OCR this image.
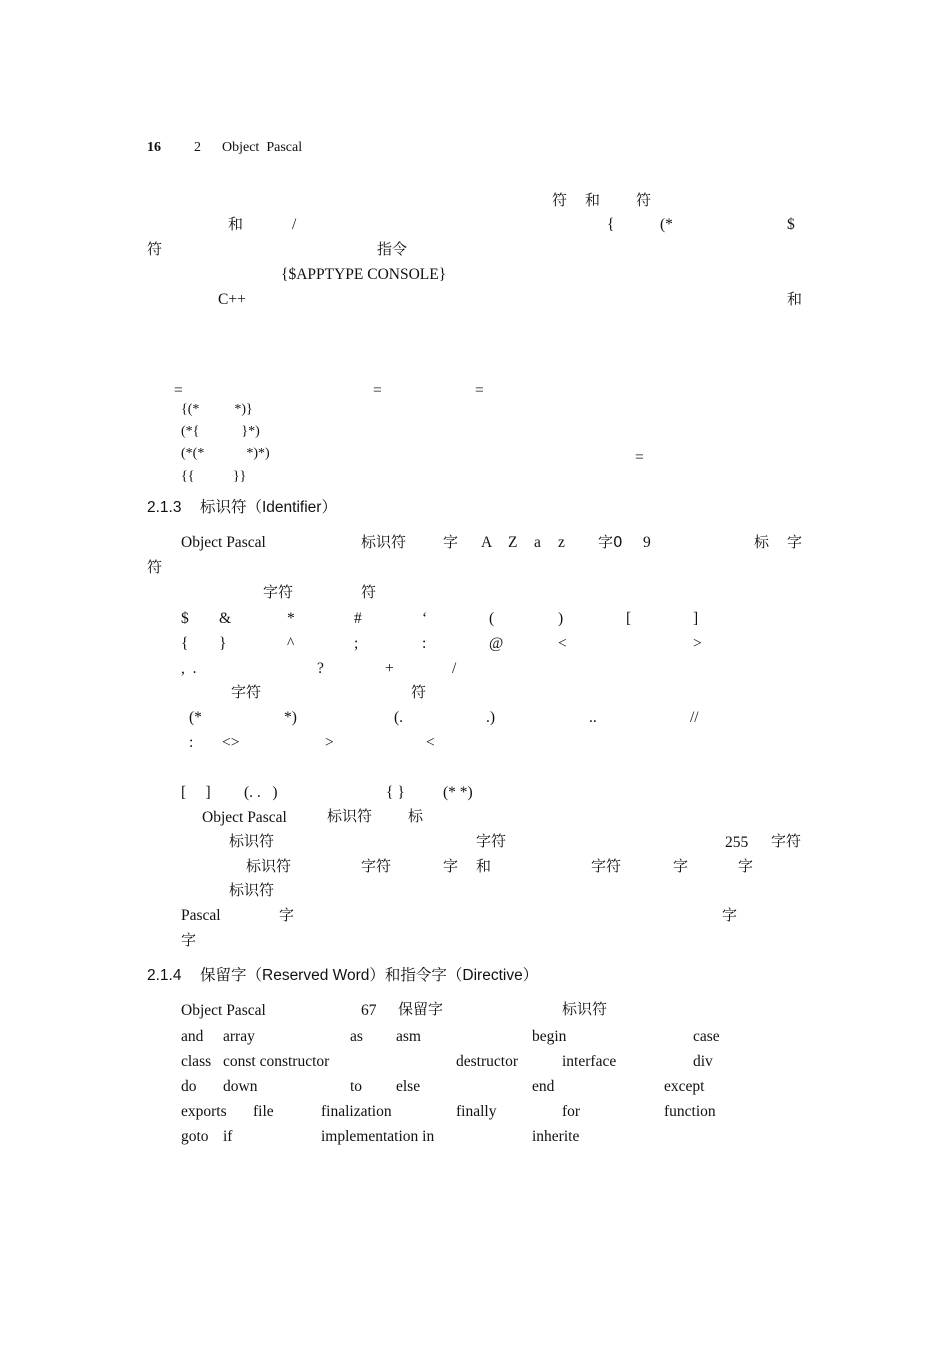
16 2 Object  Pascal
符 和 符
和	/	{	(*	$
符	指令
{$APPTYPE CONSOLE}
C++	和
=	=	=
{(*          *)}
(*{            }*)
(*(*            *)*)	=
{{           }}
2.1.3 标识符（Identifier）
Object Pascal	标识符 字 A Z a z 字0 9	标 字
符
字符	符
$ &	*	#	‘	(	)	[	]
{ }	^	;	:	@	<	>
,  .	?	+	/
字符	符
(*	*)	(.	.)	..	//
: <>	>	<
[     ] (. .   )	{ } (* *)
Object Pascal	标识符 标
标识符	字符	255 字符
标识符	字符	字 和	字符	字	字
标识符
Pascal	字	字
字
2.1.4 保留字（Reserved Word）和指令字（Directive）
Object Pascal	67 保留字	标识符
and array	as asm	begin	case
class const constructor	destructor	interface	div
do down	to else	end	except
exports file	finalization	finally	for	function
goto if	implementation in	inherite
